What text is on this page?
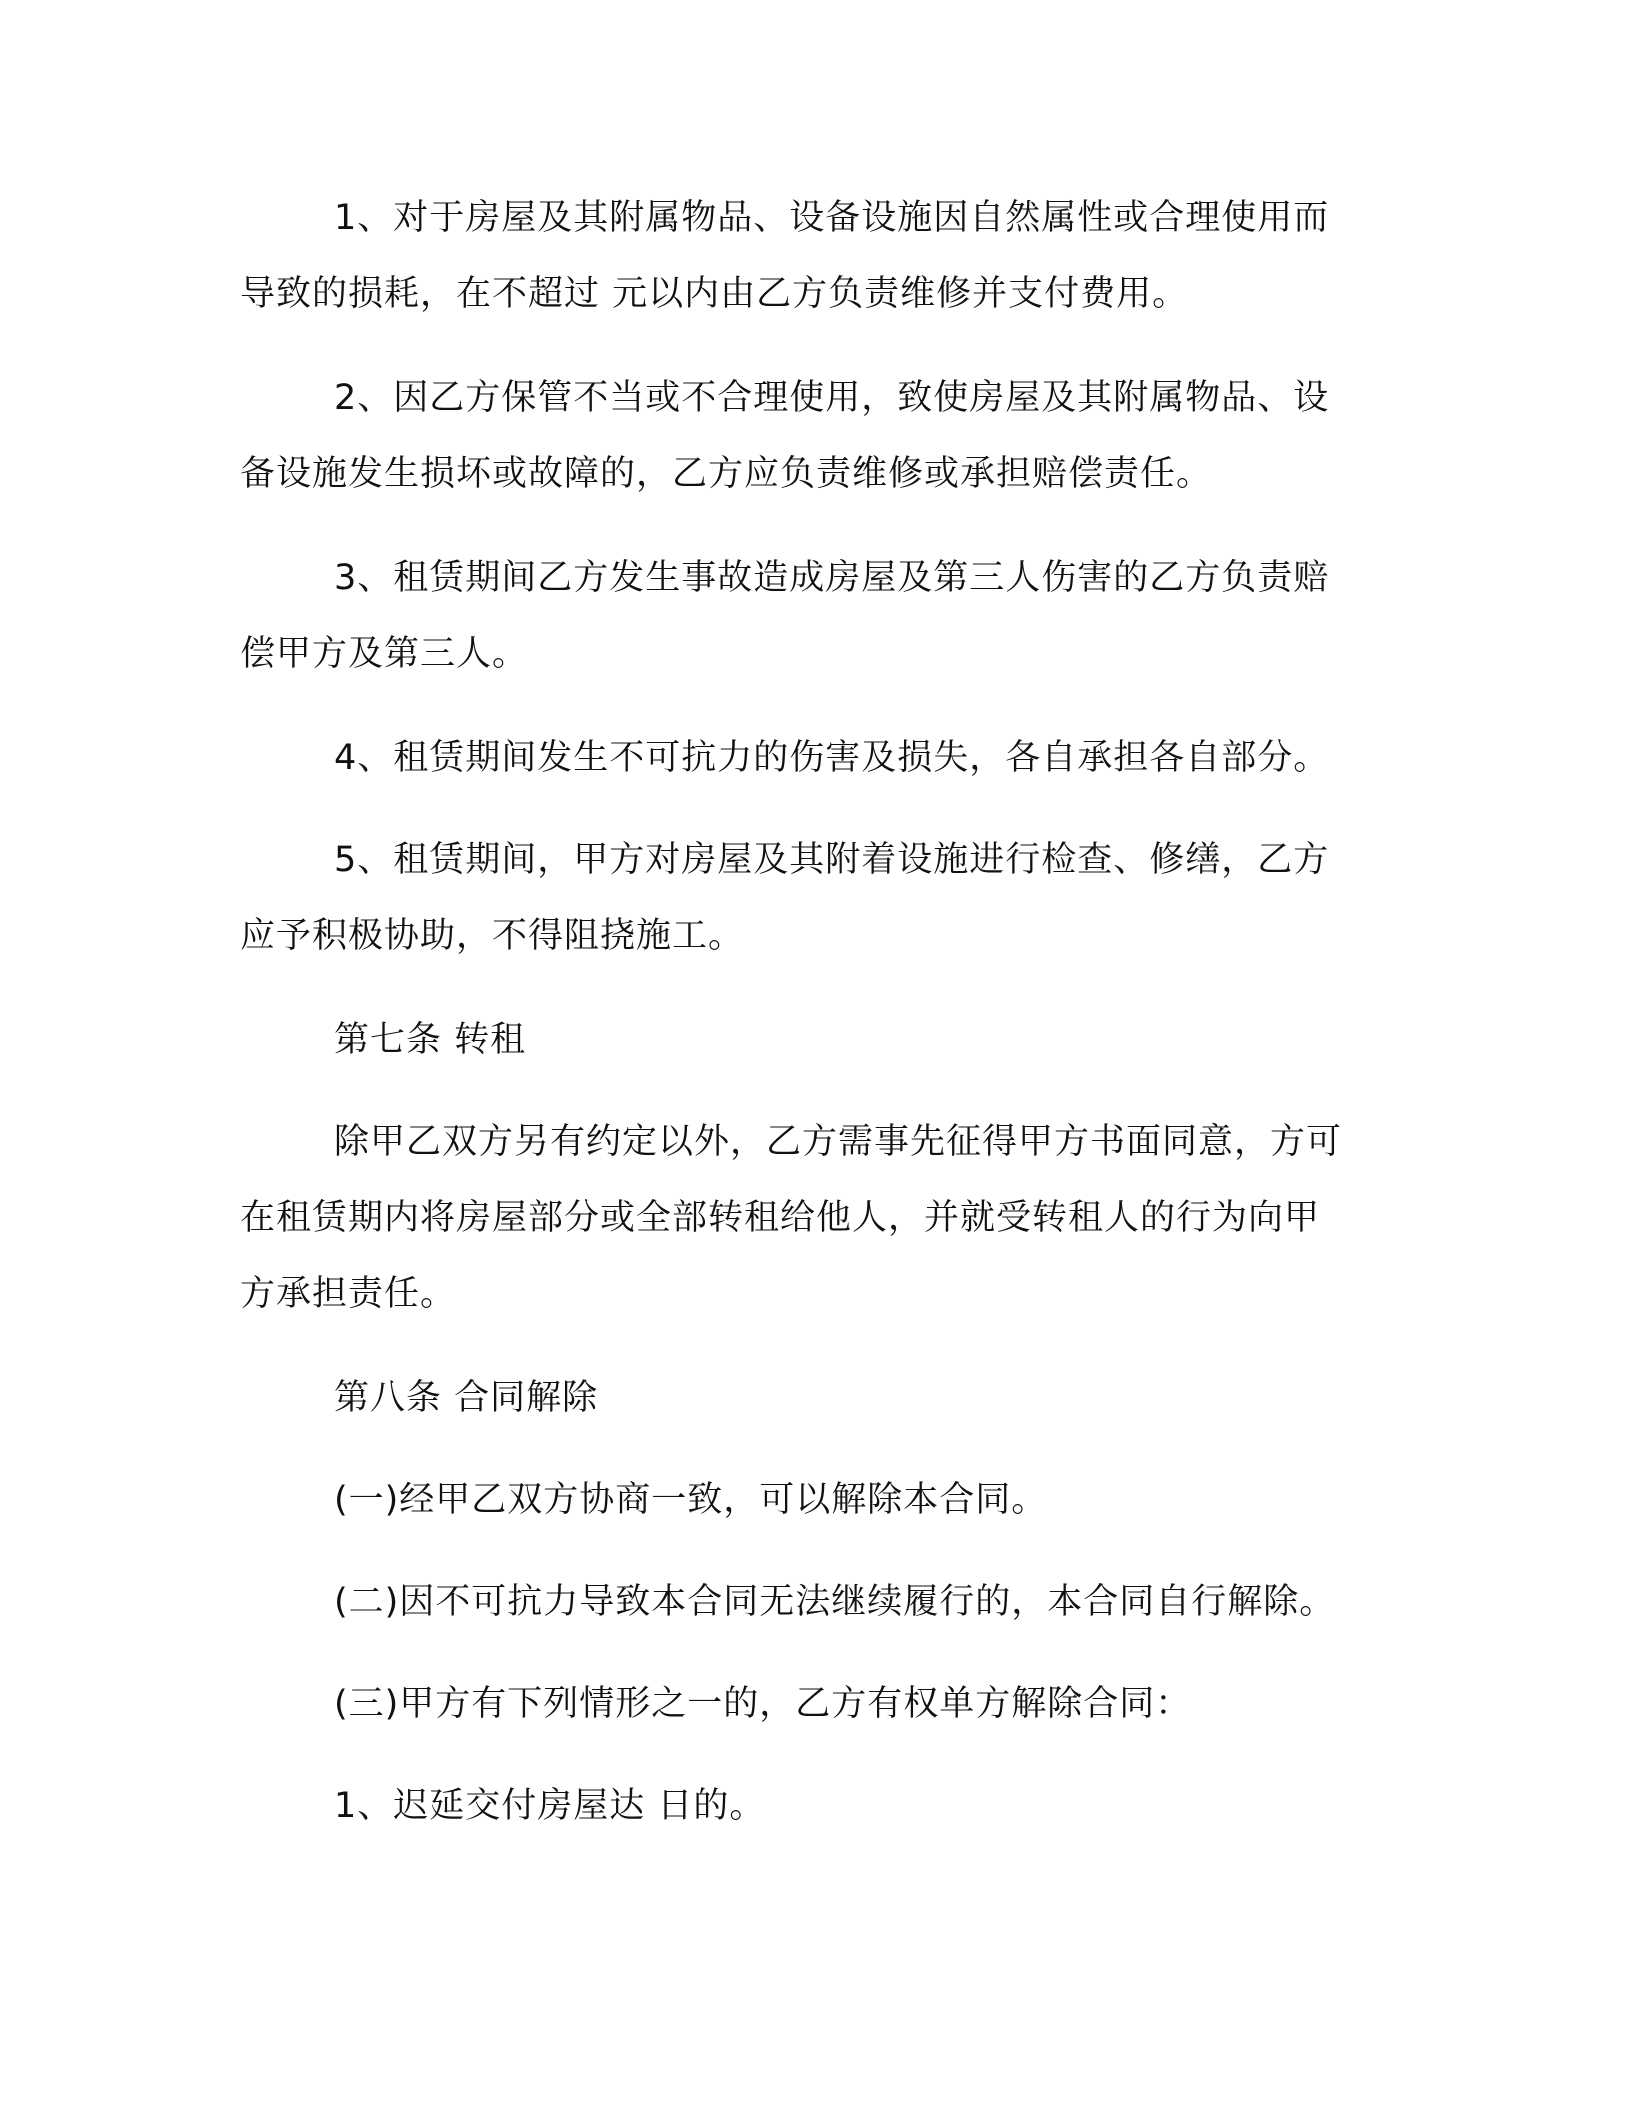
1、对于房屋及其附属物品、设备设施因自然属性或合理使用而
导致的损耗，在不超过 元以内由乙方负责维修并支付费用。
2、因乙方保管不当或不合理使用，致使房屋及其附属物品、设
备设施发生损坏或故障的，乙方应负责维修或承担赔偿责任。
3、租赁期间乙方发生事故造成房屋及第三人伤害的乙方负责赔
偿甲方及第三人。
4、租赁期间发生不可抗力的伤害及损失，各自承担各自部分。
5、租赁期间，甲方对房屋及其附着设施进行检查、修缮，乙方
应予积极协助，不得阻挠施工。
第七条 转租
除甲乙双方另有约定以外，乙方需事先征得甲方书面同意，方可
在租赁期内将房屋部分或全部转租给他人，并就受转租人的行为向甲
方承担责任。
第八条 合同解除
(一)经甲乙双方协商一致，可以解除本合同。
(二)因不可抗力导致本合同无法继续履行的，本合同自行解除。
(三)甲方有下列情形之一的，乙方有权单方解除合同：
1、迟延交付房屋达 日的。
